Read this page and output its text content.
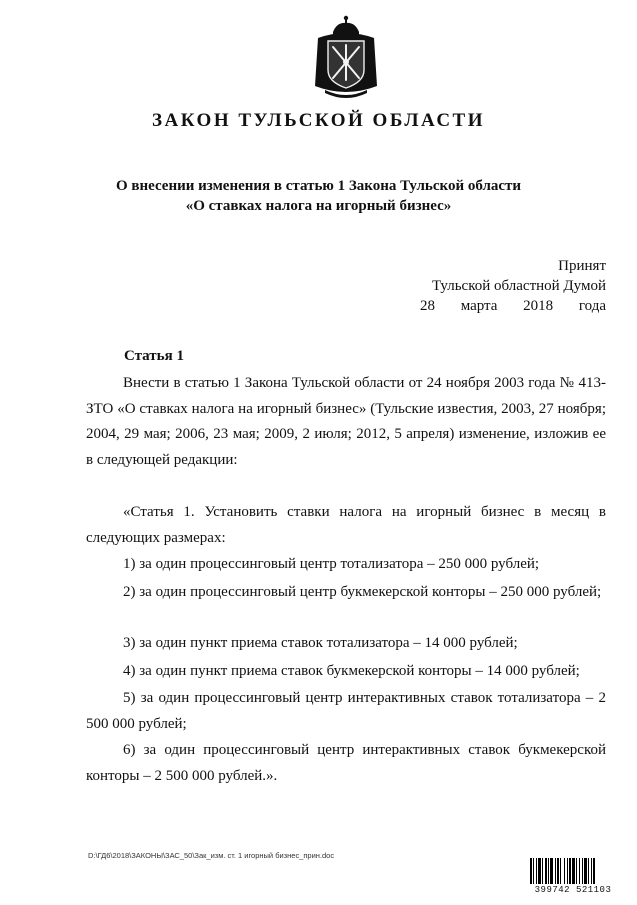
ЗАКОН ТУЛЬСКОЙ ОБЛАСТИ
О внесении изменения в статью 1 Закона Тульской области
«О ставках налога на игорный бизнес»
Принят
Тульской областной Думой
28 марта 2018 года
Статья 1

Внести в статью 1 Закона Тульской области от 24 ноября 2003 года № 413-ЗТО «О ставках налога на игорный бизнес» (Тульские известия, 2003, 27 ноября; 2004, 29 мая; 2006, 23 мая; 2009, 2 июля; 2012, 5 апреля) изменение, изложив ее в следующей редакции:

«Статья 1. Установить ставки налога на игорный бизнес в месяц в следующих размерах:

1) за один процессинговый центр тотализатора – 250 000 рублей;

2) за один процессинговый центр букмекерской конторы – 250 000 рублей;

3) за один пункт приема ставок тотализатора – 14 000 рублей;

4) за один пункт приема ставок букмекерской конторы – 14 000 рублей;

5) за один процессинговый центр интерактивных ставок тотализатора – 2 500 000 рублей;

6) за один процессинговый центр интерактивных ставок букмекерской конторы – 2 500 000 рублей.».

D:\ГД6\2018\ЗАКОНЫ\ЗАС_50\Зак_изм. ст. 1 игорный бизнес_прин.doc
399742 521103
